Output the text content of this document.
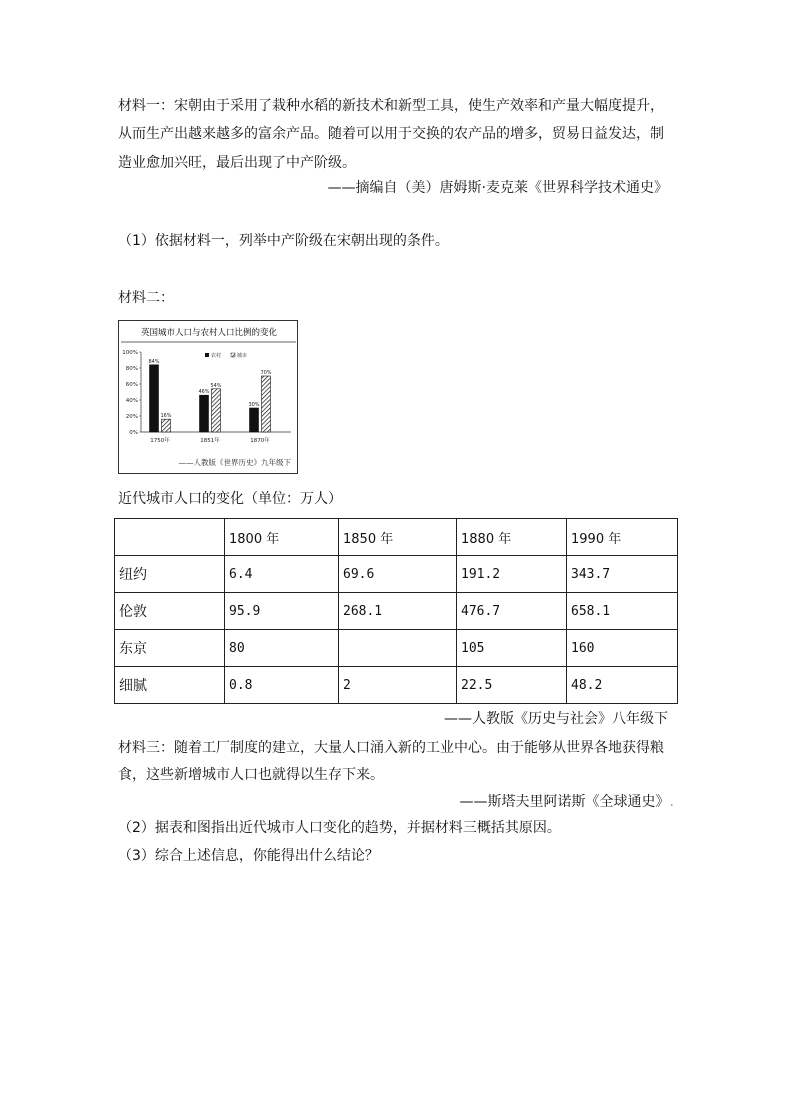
材料一：宋朝由于采用了栽种水稻的新技术和新型工具，使生产效率和产量大幅度提升，
从而生产出越来越多的富余产品。随着可以用于交换的农产品的增多，贸易日益发达，制
造业愈加兴旺，最后出现了中产阶级。
——摘编自（美）唐姆斯·麦克莱《世界科学技术通史》
（1）依据材料一，列举中产阶级在宋朝出现的条件。
材料二：
英国城市人口与农村人口比例的变化
100%
80%
60%
40%
20%
0%
1750年	1851年	1870年
84%
16%
46%
54%
30%
70%
农村	城市
——人教版《世界历史》九年级下
近代城市人口的变化（单位：万人）
	1800 年	1850 年	1880 年	1990 年
纽约	6.4	69.6	191.2	343.7
伦敦	95.9	268.1	476.7	658.1
东京	80		105	160
细腻	0.8	2	22.5	48.2
——人教版《历史与社会》八年级下
材料三：随着工厂制度的建立，大量人口涌入新的工业中心。由于能够从世界各地获得粮
食，这些新增城市人口也就得以生存下来。
——斯塔夫里阿诺斯《全球通史》.
（2）据表和图指出近代城市人口变化的趋势，并据材料三概括其原因。
（3）综合上述信息，你能得出什么结论？
